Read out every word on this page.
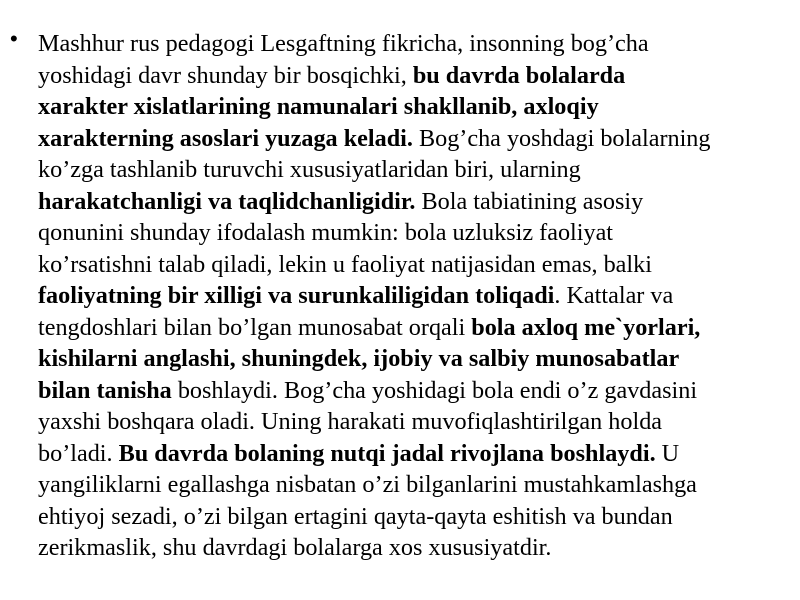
• Mashhur rus pedagogi Lesgaftning fikricha, insonning bog’cha
yoshidagi davr shunday bir bosqichki, bu davrda bolalarda
xarakter xislatlarining namunalari shakllanib, axloqiy
xarakterning asoslari yuzaga keladi. Bog’cha yoshdagi bolalarning
ko’zga tashlanib turuvchi xususiyatlaridan biri, ularning
harakatchanligi va taqlidchanligidir. Bola tabiatining asosiy
qonunini shunday ifodalash mumkin: bola uzluksiz faoliyat
ko’rsatishni talab qiladi, lekin u faoliyat natijasidan emas, balki
faoliyatning bir xilligi va surunkaliligidan toliqadi. Kattalar va
tengdoshlari bilan bo’lgan munosabat orqali bola axloq me`yorlari,
kishilarni anglashi, shuningdek, ijobiy va salbiy munosabatlar
bilan tanisha boshlaydi. Bog’cha yoshidagi bola endi o’z gavdasini
yaxshi boshqara oladi. Uning harakati muvofiqlashtirilgan holda
bo’ladi. Bu davrda bolaning nutqi jadal rivojlana boshlaydi. U
yangiliklarni egallashga nisbatan o’zi bilganlarini mustahkamlashga
ehtiyoj sezadi, o’zi bilgan ertagini qayta-qayta eshitish va bundan
zerikmaslik, shu davrdagi bolalarga xos xususiyatdir.
